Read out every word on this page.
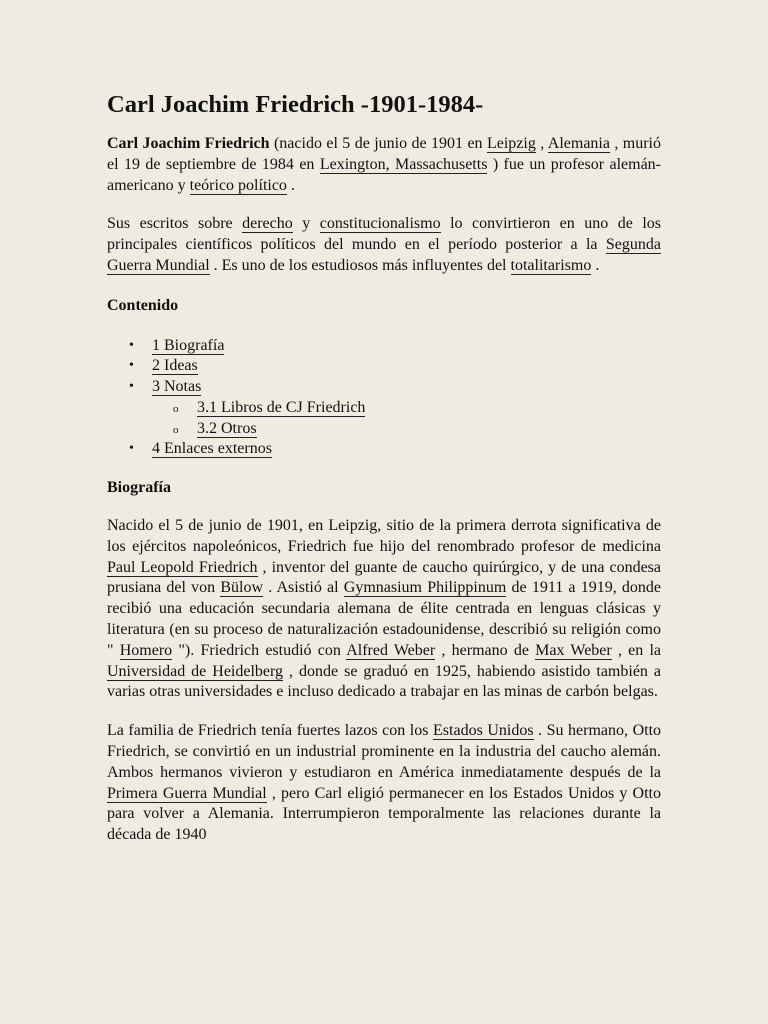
Carl Joachim Friedrich -1901-1984-

Carl Joachim Friedrich (nacido el 5 de junio de 1901 en Leipzig , Alemania , murió el 19 de septiembre de 1984 en Lexington, Massachusetts ) fue un profesor alemán-americano y teórico político .

Sus escritos sobre derecho y constitucionalismo lo convirtieron en uno de los principales científicos políticos del mundo en el período posterior a la Segunda Guerra Mundial . Es uno de los estudiosos más influyentes del totalitarismo .

Contenido
• 1 Biografía
• 2 Ideas
• 3 Notas
o 3.1 Libros de CJ Friedrich
o 3.2 Otros
• 4 Enlaces externos
Biografía

Nacido el 5 de junio de 1901, en Leipzig, sitio de la primera derrota significativa de los ejércitos napoleónicos, Friedrich fue hijo del renombrado profesor de medicina Paul Leopold Friedrich , inventor del guante de caucho quirúrgico, y de una condesa prusiana del von Bülow . Asistió al Gymnasium Philippinum de 1911 a 1919, donde recibió una educación secundaria alemana de élite centrada en lenguas clásicas y literatura (en su proceso de naturalización estadounidense, describió su religión como " Homero "). Friedrich estudió con Alfred Weber , hermano de Max Weber , en la Universidad de Heidelberg , donde se graduó en 1925, habiendo asistido también a varias otras universidades e incluso dedicado a trabajar en las minas de carbón belgas.

La familia de Friedrich tenía fuertes lazos con los Estados Unidos . Su hermano, Otto Friedrich, se convirtió en un industrial prominente en la industria del caucho alemán. Ambos hermanos vivieron y estudiaron en América inmediatamente después de la Primera Guerra Mundial , pero Carl eligió permanecer en los Estados Unidos y Otto para volver a Alemania. Interrumpieron temporalmente las relaciones durante la década de 1940
